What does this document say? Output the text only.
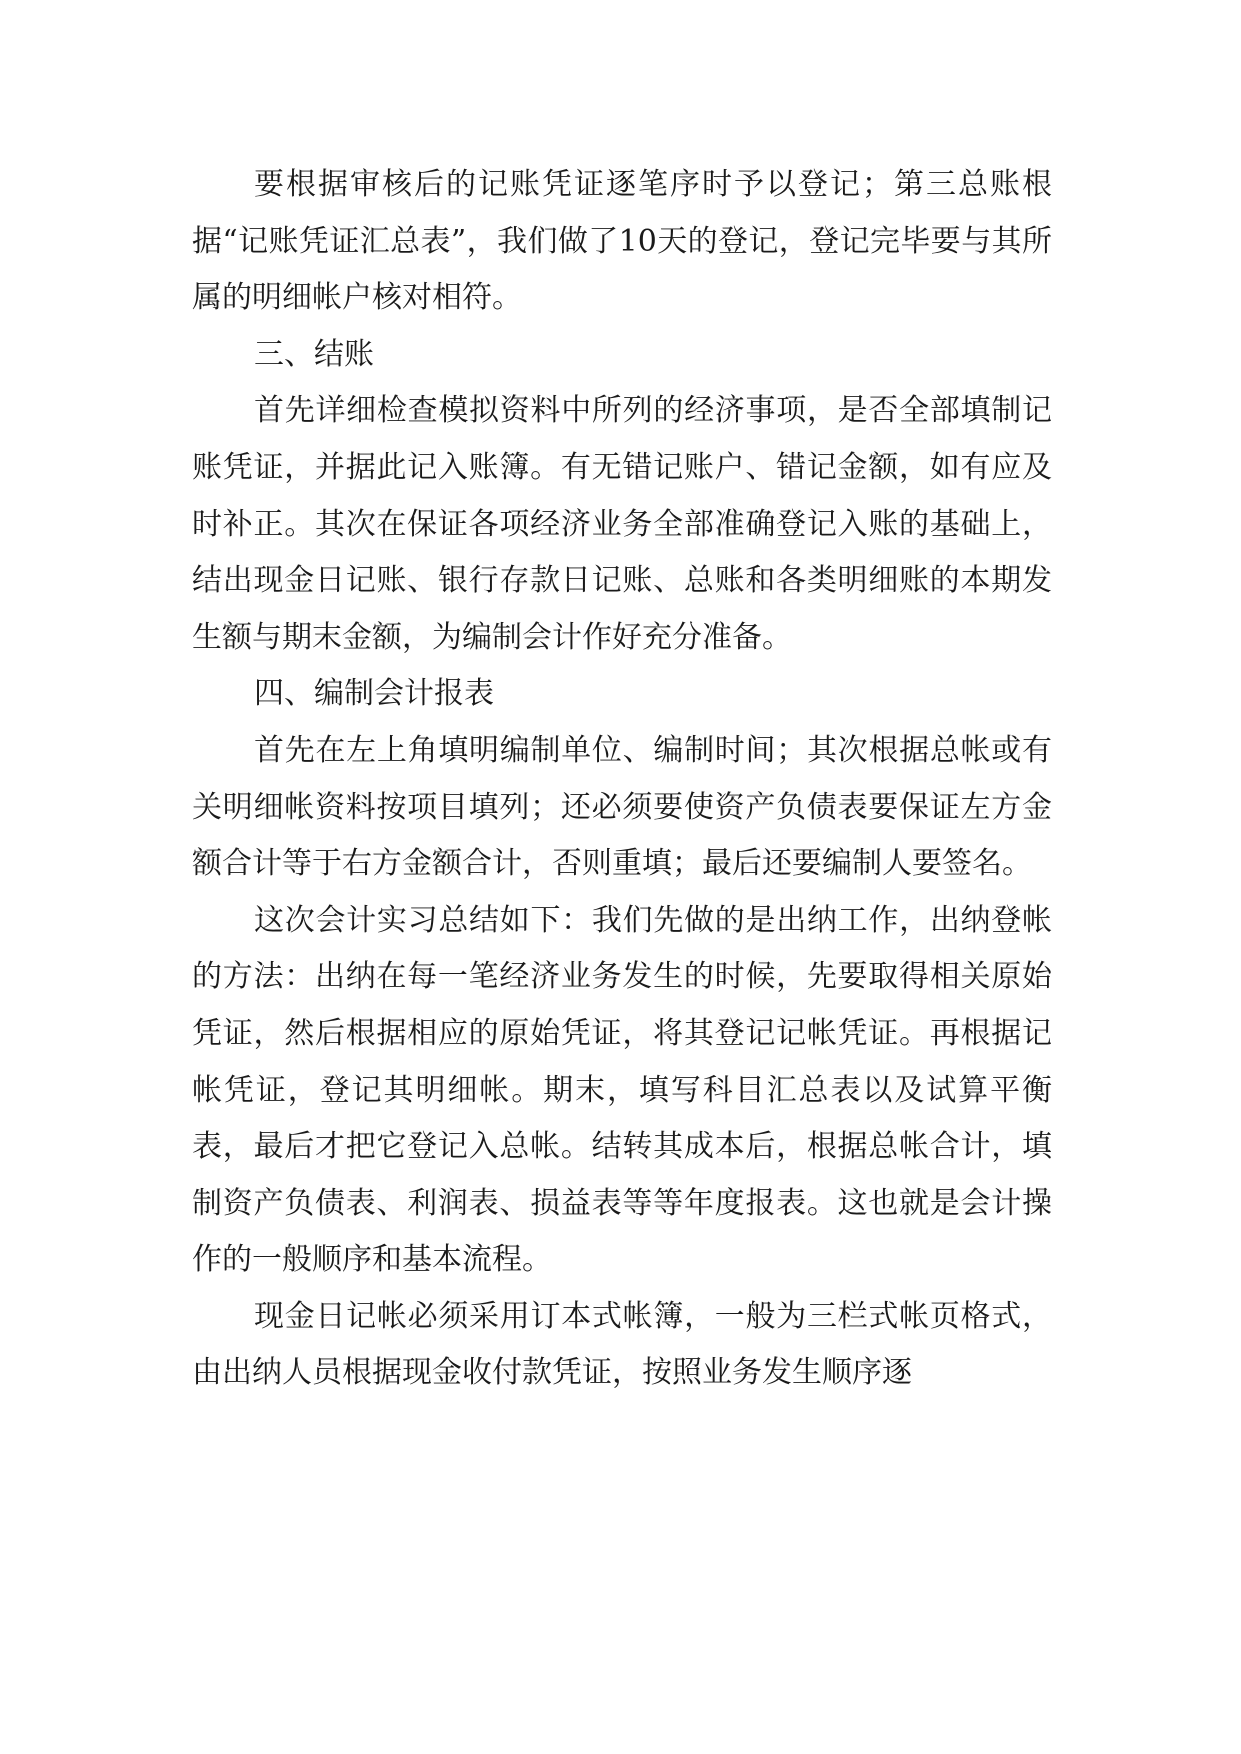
要根据审核后的记账凭证逐笔序时予以登记；第三总账根据“记账凭证汇总表”，我们做了10天的登记，登记完毕要与其所属的明细帐户核对相符。

三、结账

首先详细检查模拟资料中所列的经济事项，是否全部填制记账凭证，并据此记入账簿。有无错记账户、错记金额，如有应及时补正。其次在保证各项经济业务全部准确登记入账的基础上，结出现金日记账、银行存款日记账、总账和各类明细账的本期发生额与期末金额，为编制会计作好充分准备。

四、编制会计报表

首先在左上角填明编制单位、编制时间；其次根据总帐或有关明细帐资料按项目填列；还必须要使资产负债表要保证左方金额合计等于右方金额合计，否则重填；最后还要编制人要签名。

这次会计实习总结如下：我们先做的是出纳工作，出纳登帐的方法：出纳在每一笔经济业务发生的时候，先要取得相关原始凭证，然后根据相应的原始凭证，将其登记记帐凭证。再根据记帐凭证，登记其明细帐。期末，填写科目汇总表以及试算平衡表，最后才把它登记入总帐。结转其成本后，根据总帐合计，填制资产负债表、利润表、损益表等等年度报表。这也就是会计操作的一般顺序和基本流程。

现金日记帐必须采用订本式帐簿，一般为三栏式帐页格式，由出纳人员根据现金收付款凭证，按照业务发生顺序逐
